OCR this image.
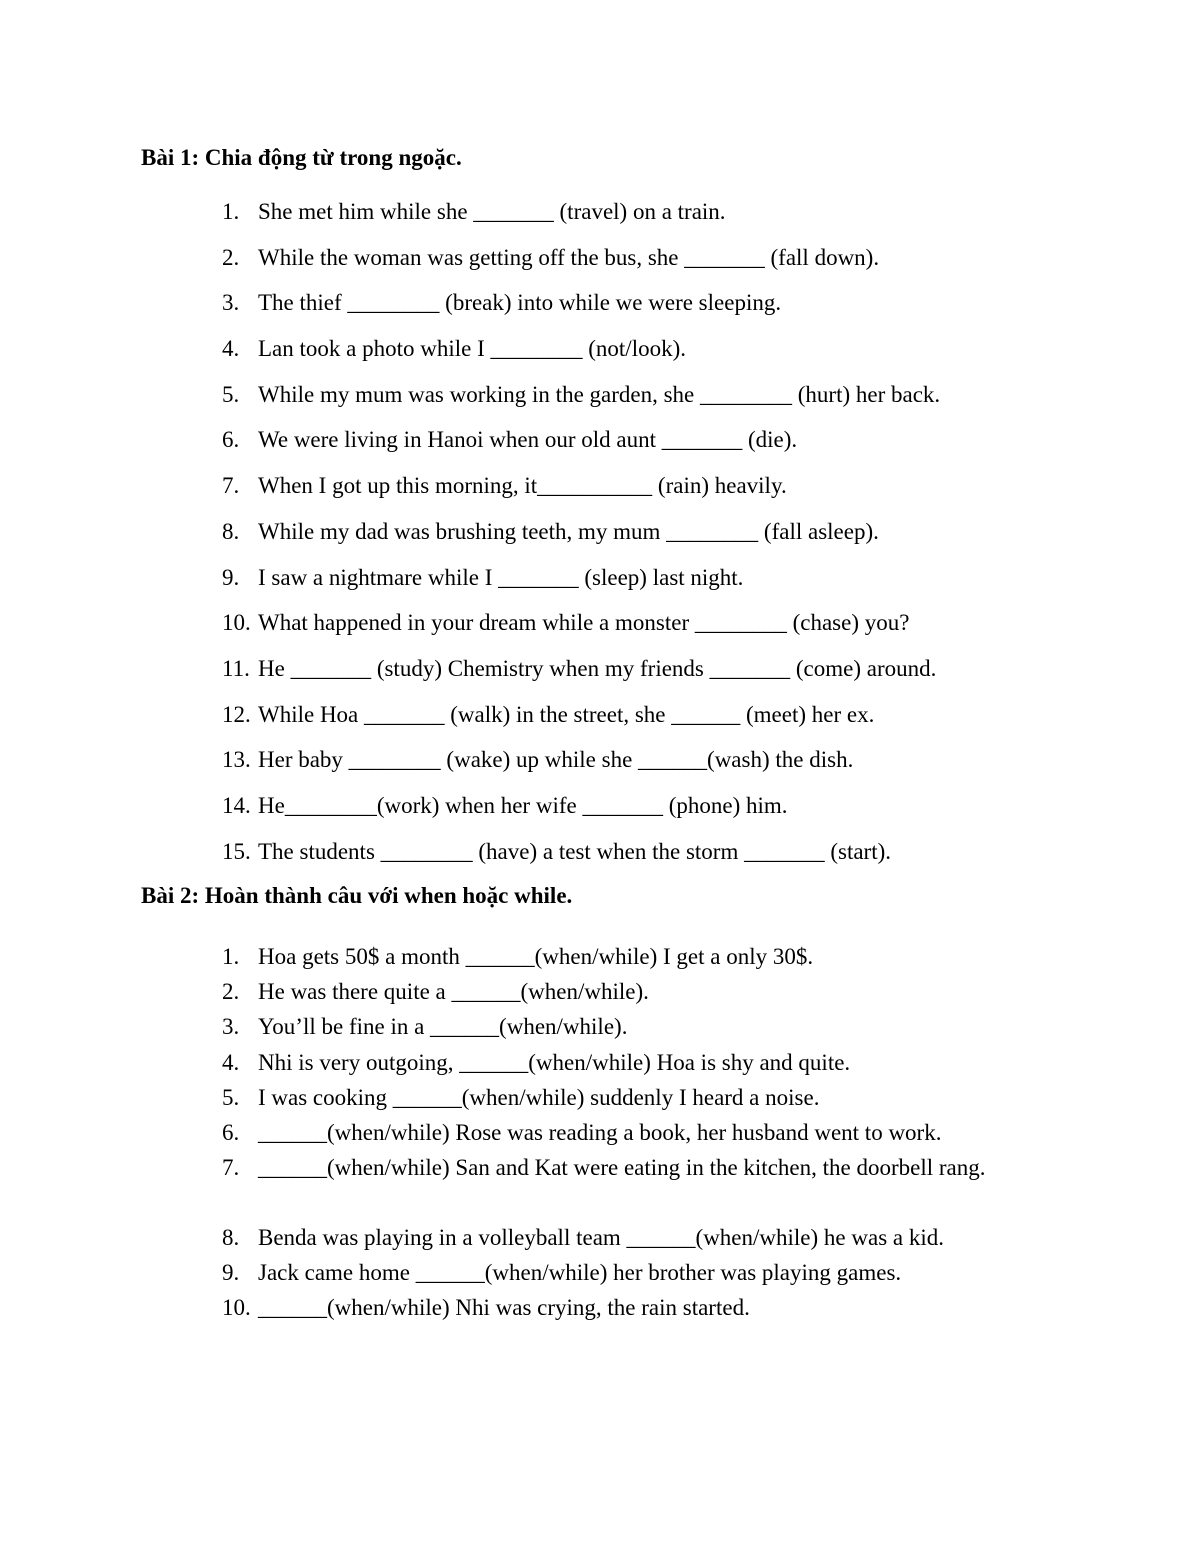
Bài 1: Chia động từ trong ngoặc.
1. She met him while she _______ (travel) on a train.
2. While the woman was getting off the bus, she _______ (fall down).
3. The thief ________ (break) into while we were sleeping.
4. Lan took a photo while I ________ (not/look).
5. While my mum was working in the garden, she ________ (hurt) her back.
6. We were living in Hanoi when our old aunt _______ (die).
7. When I got up this morning, it__________ (rain) heavily.
8. While my dad was brushing teeth, my mum ________ (fall asleep).
9. I saw a nightmare while I _______ (sleep) last night.
10. What happened in your dream while a monster ________ (chase) you?
11. He _______ (study) Chemistry when my friends _______ (come) around.
12. While Hoa _______ (walk) in the street, she ______ (meet) her ex.
13. Her baby ________ (wake) up while she ______(wash) the dish.
14. He________(work) when her wife _______ (phone) him.
15. The students ________ (have) a test when the storm _______ (start).
Bài 2: Hoàn thành câu với when hoặc while.
1. Hoa gets 50$ a month ______(when/while) I get a only 30$.
2. He was there quite a ______(when/while).
3. You’ll be fine in a ______(when/while).
4. Nhi is very outgoing, ______(when/while) Hoa is shy and quite.
5. I was cooking ______(when/while) suddenly I heard a noise.
6. ______(when/while) Rose was reading a book, her husband went to work.
7. ______(when/while) San and Kat were eating in the kitchen, the doorbell rang.
8. Benda was playing in a volleyball team ______(when/while) he was a kid.
9. Jack came home ______(when/while) her brother was playing games.
10. ______(when/while) Nhi was crying, the rain started.
